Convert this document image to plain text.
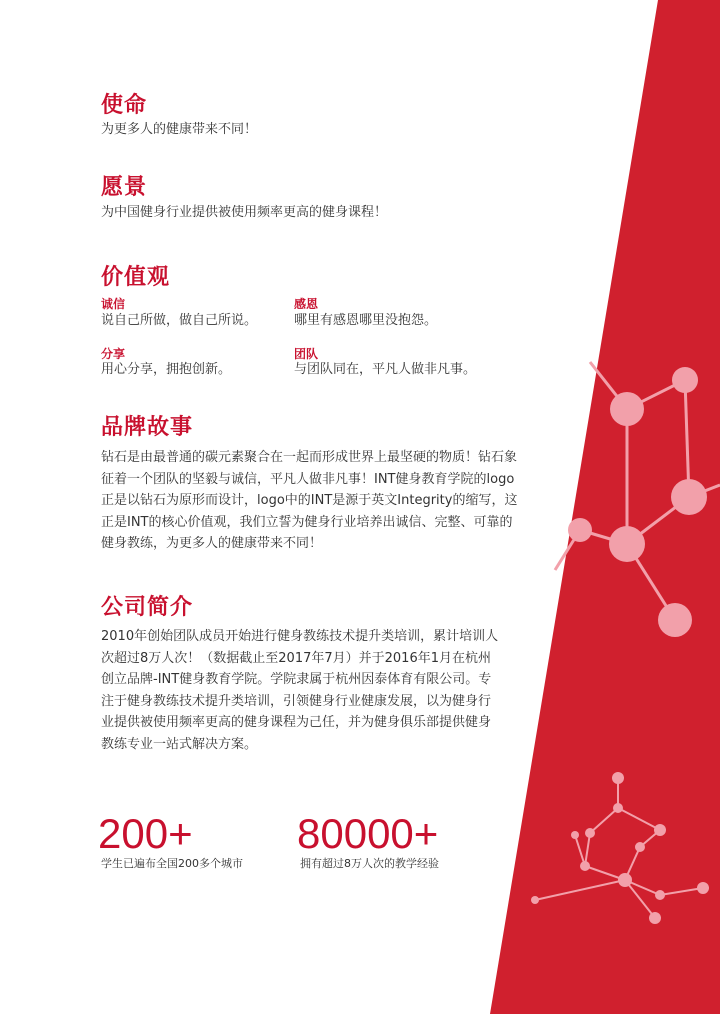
使命

为更多人的健康带来不同！

愿景

为中国健身行业提供被使用频率更高的健身课程！

价值观
诚信
说自己所做，做自己所说。
感恩
哪里有感恩哪里没抱怨。
分享
用心分享，拥抱创新。
团队
与团队同在，平凡人做非凡事。
品牌故事
钻石是由最普通的碳元素聚合在一起而形成世界上最坚硬的物质！钻石象
征着一个团队的坚毅与诚信，平凡人做非凡事！INT健身教育学院的logo
正是以钻石为原形而设计，logo中的INT是源于英文Integrity的缩写，这
正是INT的核心价值观，我们立誓为健身行业培养出诚信、完整、可靠的
健身教练，为更多人的健康带来不同！
公司简介
2010年创始团队成员开始进行健身教练技术提升类培训，累计培训人
次超过8万人次！（数据截止至2017年7月）并于2016年1月在杭州
创立品牌-INT健身教育学院。学院隶属于杭州因泰体育有限公司。专
注于健身教练技术提升类培训，引领健身行业健康发展，以为健身行
业提供被使用频率更高的健身课程为己任，并为健身俱乐部提供健身
教练专业一站式解决方案。
200+
学生已遍布全国200多个城市
80000+
拥有超过8万人次的教学经验
